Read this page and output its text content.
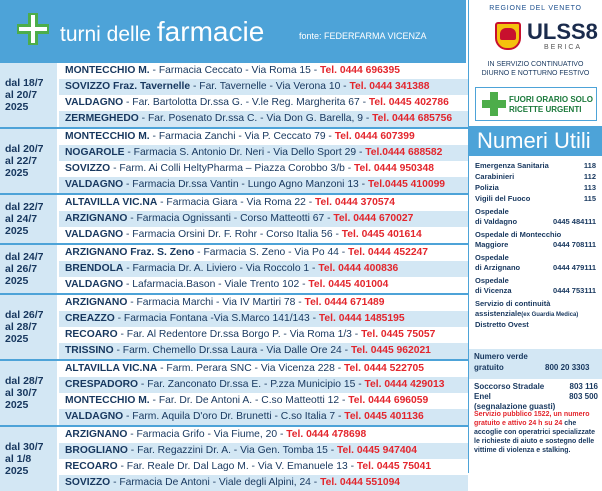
turni delle farmacie	fonte: FEDERFARMA VICENZA
dal 18/7
al 20/7
2025
MONTECCHIO M. - Farmacia Ceccato - Via Roma 15 - Tel. 0444 696395
SOVIZZO Fraz. Tavernelle - Far. Tavernelle - Via Verona 10 - Tel. 0444 341388
VALDAGNO - Far. Bartolotta Dr.ssa G. - V.le Reg. Margherita 67 - Tel. 0445 402786
ZERMEGHEDO - Far. Posenato Dr.ssa C. - Via Don G. Barella, 9 - Tel. 0444 685756
dal 20/7
al 22/7
2025
MONTECCHIO M. - Farmacia Zanchi - Via P. Ceccato 79 - Tel. 0444 607399
NOGAROLE - Farmacia S. Antonio Dr. Neri - Via Dello Sport 29 - Tel.0444 688582
SOVIZZO - Farm. Ai Colli HeltyPharma – Piazza Corobbo 3/b - Tel. 0444 950348
VALDAGNO - Farmacia Dr.ssa Vantin - Lungo Agno Manzoni 13 - Tel.0445 410099
dal 22/7
al 24/7
2025
ALTAVILLA VIC.NA - Farmacia Giara - Via Roma 22 - Tel. 0444 370574
ARZIGNANO - Farmacia Ognissanti - Corso Matteotti 67 - Tel. 0444 670027
VALDAGNO - Farmacia Orsini Dr. F. Rohr - Corso Italia 56 - Tel. 0445 401614
dal 24/7
al 26/7
2025
ARZIGNANO Fraz. S. Zeno - Farmacia S. Zeno - Via Po 44 - Tel. 0444 452247
BRENDOLA - Farmacia Dr. A. Liviero - Via Roccolo 1 - Tel. 0444 400836
VALDAGNO - Lafarmacia.Bason - Viale Trento 102 - Tel. 0445 401004
dal 26/7
al 28/7
2025
ARZIGNANO - Farmacia Marchi - Via IV Martiri 78 - Tel. 0444 671489
CREAZZO - Farmacia Fontana -Via S.Marco 141/143 - Tel. 0444 1485195
RECOARO - Far. Al Redentore Dr.ssa Borgo P. - Via Roma 1/3 - Tel. 0445 75057
TRISSINO - Farm. Chemello Dr.ssa Laura - Via Dalle Ore 24 - Tel. 0445 962021
dal 28/7
al 30/7
2025
ALTAVILLA VIC.NA - Farm. Perara SNC - Via Vicenza 228 - Tel. 0444 522705
CRESPADORO - Far. Zanconato Dr.ssa E. - P.zza Municipio 15 - Tel. 0444 429013
MONTECCHIO M. - Far. Dr. De Antoni A. - C.so Matteotti 12 - Tel. 0444 696059
VALDAGNO - Farm. Aquila D'oro Dr. Brunetti - C.so Italia 7 - Tel. 0445 401136
dal 30/7
al 1/8
2025
ARZIGNANO - Farmacia Grifo - Via Fiume, 20 - Tel. 0444 478698
BROGLIANO - Far. Regazzini Dr. A. - Via Gen. Tomba 15 - Tel. 0445 947404
RECOARO - Far. Reale Dr. Dal Lago M. - Via V. Emanuele 13 - Tel. 0445 75041
SOVIZZO - Farmacia De Antoni - Viale degli Alpini, 24 - Tel. 0444 551094
REGIONE DEL VENETO
ULSS8
BERICA
IN SERVIZIO CONTINUATIVO
DIURNO E NOTTURNO FESTIVO
FUORI ORARIO SOLO
RICETTE URGENTI
Numeri Utili
Emergenza Sanitaria	118
Carabinieri	112
Polizia	113
Vigili del Fuoco	115
Ospedale
di Valdagno	0445 484111
Ospedale di Montecchio
Maggiore	0444 708111
Ospedale
di Arzignano	0444 479111
Ospedale
di Vicenza	0444 753111
Servizio di continuità
assistenziale(ex Guardia Medica)
Distretto Ovest
Numero verde
gratuito	800 20 3303
Soccorso Stradale	803 116
Enel	803 500
(segnalazione guasti)
Servizio pubblico 1522, un numero gratuito e attivo 24 h su 24 che accoglie con operatrici specializzate le richieste di aiuto e sostegno delle vittime di violenza e stalking.
